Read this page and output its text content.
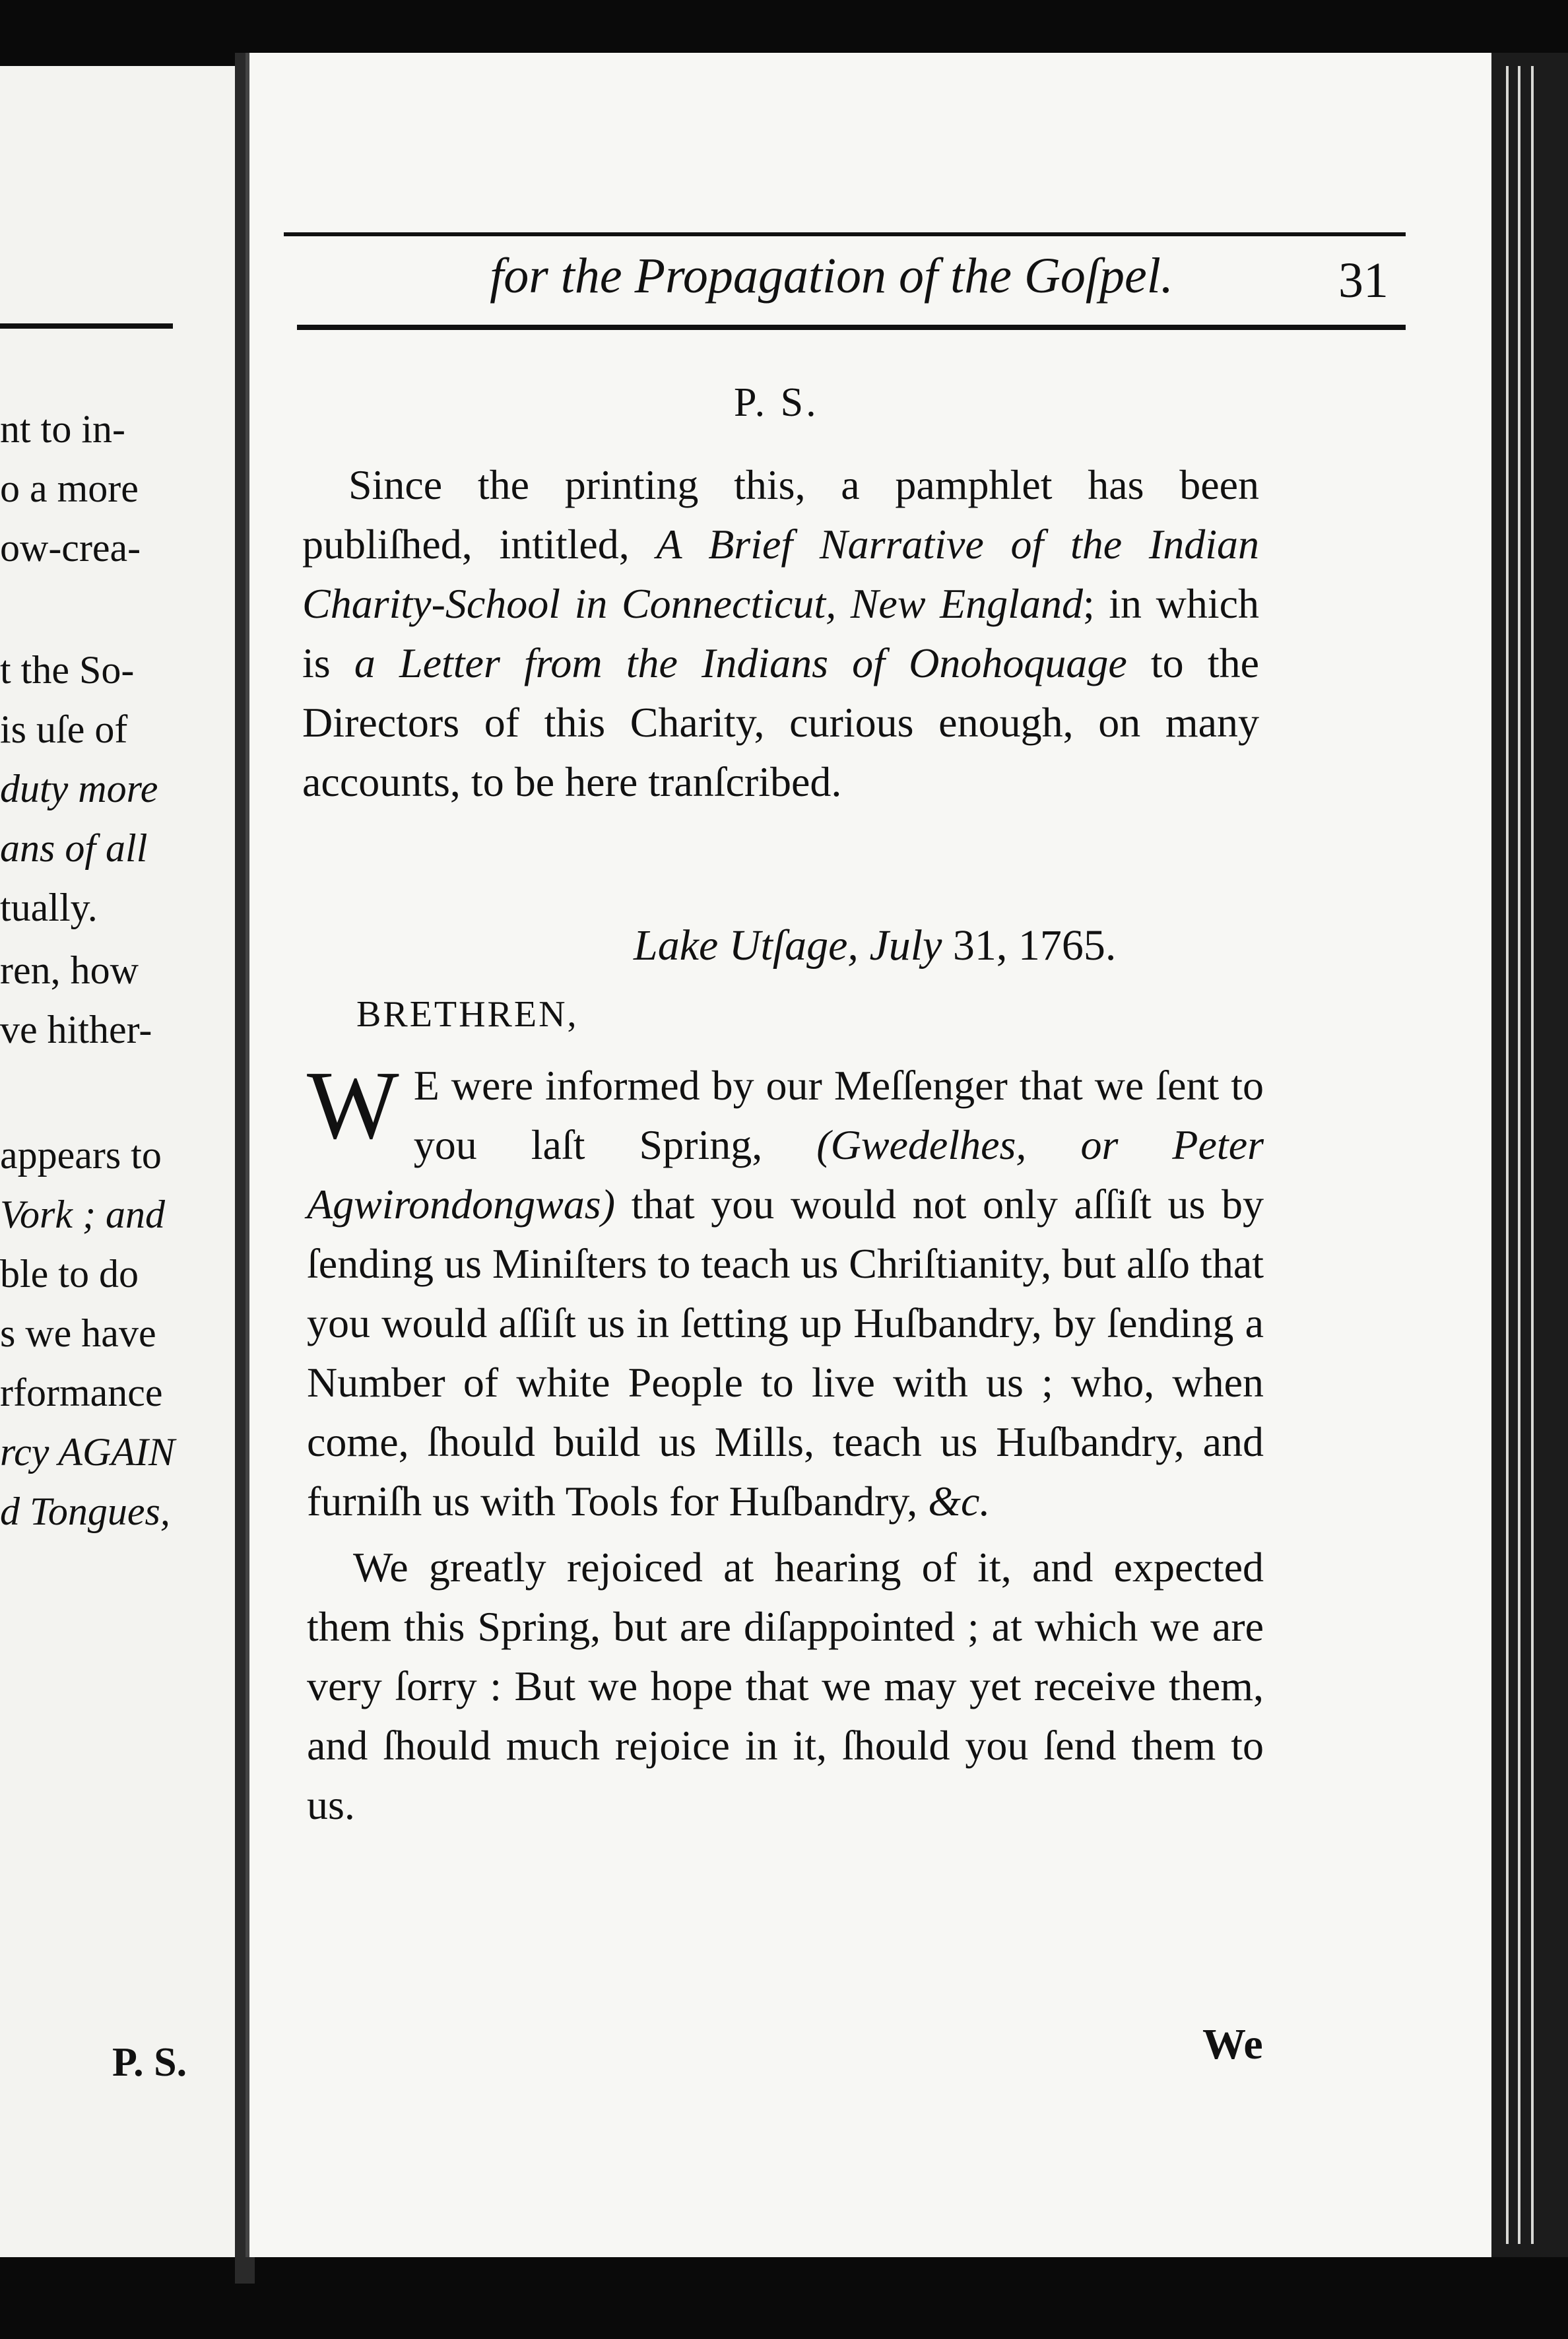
nt to in-
o a more
ow-crea-
t the So-
is uſe of
duty more
ans of all
tually.
ren, how
ve hither-
appears to
Vork ; and
ble to do
s we have
rformance
rcy AGAIN
d Tongues,
P. S.
for the Propagation of the Goſpel.	31
P. S.

Since the printing this, a pamphlet has been publiſhed, intitled, A Brief Narrative of the Indian Charity-School in Connecticut, New England; in which is a Letter from the Indians of Onohoquage to the Directors of this Charity, curious enough, on many accounts, to be here tranſcribed.

Lake Utſage, July 31, 1765.
BRETHREN,

W E were informed by our Meſſenger that we ſent to you laſt Spring, (Gwedelhes, or Peter Agwirondongwas) that you would not only aſſiſt us by ſending us Miniſters to teach us Chriſtianity, but alſo that you would aſſiſt us in ſetting up Huſbandry, by ſending a Number of white People to live with us ; who, when come, ſhould build us Mills, teach us Huſbandry, and furniſh us with Tools for Huſbandry, &c.

We greatly rejoiced at hearing of it, and expected them this Spring, but are diſappointed ; at which we are very ſorry : But we hope that we may yet receive them, and ſhould much rejoice in it, ſhould you ſend them to us.

We
